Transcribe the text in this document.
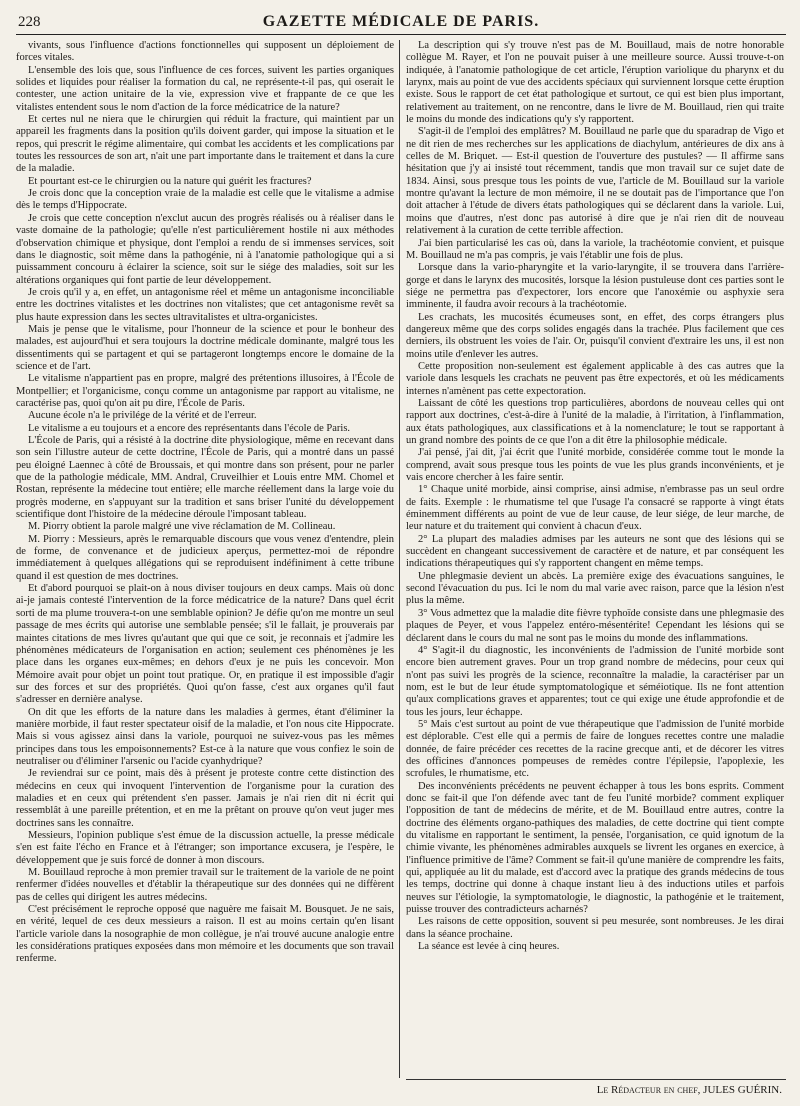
228	GAZETTE MÉDICALE DE PARIS.

vivants, sous l'influence d'actions fonctionnelles qui supposent un déploiement de forces vitales.

L'ensemble des lois que, sous l'influence de ces forces, suivent les parties organiques solides et liquides pour réaliser la formation du cal, ne représente-t-il pas, qui oserait le contester, une action unitaire de la vie, expression vive et frappante de ce que les vitalistes entendent sous le nom d'action de la force médicatrice de la nature?

Et certes nul ne niera que le chirurgien qui réduit la fracture, qui maintient par un appareil les fragments dans la position qu'ils doivent garder, qui impose la situation et le repos, qui prescrit le régime alimentaire, qui combat les accidents et les complications par toutes les ressources de son art, n'ait une part importante dans le traitement et dans la cure de la maladie.

Et pourtant est-ce le chirurgien ou la nature qui guérit les fractures?

Je crois donc que la conception vraie de la maladie est celle que le vitalisme a admise dès le temps d'Hippocrate.

Je crois que cette conception n'exclut aucun des progrès réalisés ou à réaliser dans le vaste domaine de la pathologie; qu'elle n'est particulièrement hostile ni aux méthodes d'observation chimique et physique, dont l'emploi a rendu de si immenses services, soit dans le diagnostic, soit même dans la pathogénie, ni à l'anatomie pathologique qui a si puissamment concouru à éclairer la science, soit sur le siége des maladies, soit sur les altérations organiques qui font partie de leur développement.

Je crois qu'il y a, en effet, un antagonisme réel et même un antagonisme inconciliable entre les doctrines vitalistes et les doctrines non vitalistes; que cet antagonisme revêt sa plus haute expression dans les sectes ultravitalistes et ultra-organicistes.

Mais je pense que le vitalisme, pour l'honneur de la science et pour le bonheur des malades, est aujourd'hui et sera toujours la doctrine médicale dominante, malgré tous les dissentiments qui se partagent et qui se partageront longtemps encore le domaine de la science et de l'art.

Le vitalisme n'appartient pas en propre, malgré des prétentions illusoires, à l'École de Montpellier; et l'organicisme, conçu comme un antagonisme par rapport au vitalisme, ne caractérise pas, quoi qu'on ait pu dire, l'École de Paris.

Aucune école n'a le privilége de la vérité et de l'erreur.

Le vitalisme a eu toujours et a encore des représentants dans l'école de Paris.

L'École de Paris, qui a résisté à la doctrine dite physiologique, même en recevant dans son sein l'illustre auteur de cette doctrine, l'École de Paris, qui a montré dans un passé peu éloigné Laennec à côté de Broussais, et qui montre dans son présent, pour ne parler que de la pathologie médicale, MM. Andral, Cruveilhier et Louis entre MM. Chomel et Rostan, représente la médecine tout entière; elle marche réellement dans la large voie du progrès moderne, en s'appuyant sur la tradition et sans briser l'unité du développement scientifique dont l'histoire de la médecine déroule l'imposant tableau.

M. Piorry obtient la parole malgré une vive réclamation de M. Collineau.

M. Piorry : Messieurs, après le remarquable discours que vous venez d'entendre, plein de forme, de convenance et de judicieux aperçus, permettez-moi de répondre immédiatement à quelques allégations qui se reproduisent indéfiniment à cette tribune quand il est question de mes doctrines.

Et d'abord pourquoi se plait-on à nous diviser toujours en deux camps. Mais où donc ai-je jamais contesté l'intervention de la force médicatrice de la nature? Dans quel écrit sorti de ma plume trouvera-t-on une semblable opinion? Je défie qu'on me montre un seul passage de mes écrits qui autorise une semblable pensée; s'il le fallait, je prouverais par maintes citations de mes livres qu'autant que qui que ce soit, je reconnais et j'admire les phénomènes médicateurs de l'organisation en action; seulement ces phénomènes je les place dans les organes eux-mêmes; en dehors d'eux je ne puis les concevoir. Mon Mémoire avait pour objet un point tout pratique. Or, en pratique il est impossible d'agir sur des forces et sur des propriétés. Quoi qu'on fasse, c'est aux organes qu'il faut s'adresser en dernière analyse.

On dit que les efforts de la nature dans les maladies à germes, étant d'éliminer la manière morbide, il faut rester spectateur oisif de la maladie, et l'on nous cite Hippocrate. Mais si vous agissez ainsi dans la variole, pourquoi ne suivez-vous pas les mêmes principes dans tous les empoisonnements? Est-ce à la nature que vous confiez le soin de neutraliser ou d'éliminer l'arsenic ou l'acide cyanhydrique?

Je reviendrai sur ce point, mais dès à présent je proteste contre cette distinction des médecins en ceux qui invoquent l'intervention de l'organisme pour la curation des maladies et en ceux qui prétendent s'en passer. Jamais je n'ai rien dit ni écrit qui ressemblât à une pareille prétention, et en me la prêtant on prouve qu'on veut juger mes doctrines sans les connaître.

Messieurs, l'opinion publique s'est émue de la discussion actuelle, la presse médicale s'en est faite l'écho en France et à l'étranger; son importance excusera, je l'espère, le développement que je suis forcé de donner à mon discours.

M. Bouillaud reproche à mon premier travail sur le traitement de la variole de ne point renfermer d'idées nouvelles et d'établir la thérapeutique sur des données qui ne diffèrent pas de celles qui dirigent les autres médecins.

C'est précisément le reproche opposé que naguère me faisait M. Bousquet. Je ne sais, en vérité, lequel de ces deux messieurs a raison. Il est au moins certain qu'en lisant l'article variole dans la nosographie de mon collègue, je n'ai trouvé aucune analogie entre les considérations pratiques exposées dans mon mémoire et les documents que son travail renferme.

La description qui s'y trouve n'est pas de M. Bouillaud, mais de notre honorable collègue M. Rayer, et l'on ne pouvait puiser à une meilleure source. Aussi trouve-t-on indiquée, à l'anatomie pathologique de cet article, l'éruption variolique du pharynx et du larynx, mais au point de vue des accidents spéciaux qui surviennent lorsque cette éruption existe. Sous le rapport de cet état pathologique et surtout, ce qui est bien plus important, relativement au traitement, on ne rencontre, dans le livre de M. Bouillaud, rien qui traite le moins du monde des indications qu'y s'y rapportent.

S'agit-il de l'emploi des emplâtres? M. Bouillaud ne parle que du sparadrap de Vigo et ne dit rien de mes recherches sur les applications de diachylum, antérieures de dix ans à celles de M. Briquet. — Est-il question de l'ouverture des pustules? — Il affirme sans hésitation que j'y ai insisté tout récemment, tandis que mon travail sur ce sujet date de 1834. Ainsi, sous presque tous les points de vue, l'article de M. Bouillaud sur la variole montre qu'avant la lecture de mon mémoire, il ne se doutait pas de l'importance que l'on doit attacher à l'étude de divers états pathologiques qui se déclarent dans la variole. Lui, moins que d'autres, n'est donc pas autorisé à dire que je n'ai rien dit de nouveau relativement à la curation de cette terrible affection.

J'ai bien particularisé les cas où, dans la variole, la trachéotomie convient, et puisque M. Bouillaud ne m'a pas compris, je vais l'établir une fois de plus.

Lorsque dans la vario-pharyngite et la vario-laryngite, il se trouvera dans l'arrière-gorge et dans le larynx des mucosités, lorsque la lésion pustuleuse dont ces parties sont le siége ne permettra pas d'expectorer, lors encore que l'anoxémie ou asphyxie sera imminente, il faudra avoir recours à la trachéotomie.

Les crachats, les mucosités écumeuses sont, en effet, des corps étrangers plus dangereux même que des corps solides engagés dans la trachée. Plus facilement que ces derniers, ils obstruent les voies de l'air. Or, puisqu'il convient d'extraire les uns, il est non moins utile d'enlever les autres.

Cette proposition non-seulement est également applicable à des cas autres que la variole dans lesquels les crachats ne peuvent pas être expectorés, et où les médicaments internes n'amènent pas cette expectoration.

Laissant de côté les questions trop particulières, abordons de nouveau celles qui ont rapport aux doctrines, c'est-à-dire à l'unité de la maladie, à l'irritation, à l'inflammation, aux états pathologiques, aux classifications et à la nomenclature; le tout se rapportant à un grand nombre des points de ce que l'on a dit être la philosophie médicale.

J'ai pensé, j'ai dit, j'ai écrit que l'unité morbide, considérée comme tout le monde la comprend, avait sous presque tous les points de vue les plus grands inconvénients, et je vais encore chercher à les faire sentir.

1° Chaque unité morbide, ainsi comprise, ainsi admise, n'embrasse pas un seul ordre de faits. Exemple : le rhumatisme tel que l'usage l'a consacré se rapporte à vingt états éminemment différents au point de vue de leur cause, de leur siége, de leur marche, de leur nature et du traitement qui convient à chacun d'eux.

2° La plupart des maladies admises par les auteurs ne sont que des lésions qui se succèdent en changeant successivement de caractère et de nature, et par conséquent les indications thérapeutiques qui s'y rapportent changent en même temps.

Une phlegmasie devient un abcès. La première exige des évacuations sanguines, le second l'évacuation du pus. Ici le nom du mal varie avec raison, parce que la lésion n'est plus la même.

3° Vous admettez que la maladie dite fièvre typhoïde consiste dans une phlegmasie des plaques de Peyer, et vous l'appelez entéro-mésentérite! Cependant les lésions qui se déclarent dans le cours du mal ne sont pas le moins du monde des inflammations.

4° S'agit-il du diagnostic, les inconvénients de l'admission de l'unité morbide sont encore bien autrement graves. Pour un trop grand nombre de médecins, pour ceux qui n'ont pas suivi les progrès de la science, reconnaître la maladie, la caractériser par un nom, est le but de leur étude symptomatologique et séméiotique. Ils ne font attention qu'aux complications graves et apparentes; tout ce qui exige une étude approfondie et de tous les jours, leur échappe.

5° Mais c'est surtout au point de vue thérapeutique que l'admission de l'unité morbide est déplorable. C'est elle qui a permis de faire de longues recettes contre une maladie donnée, de faire précéder ces recettes de la racine grecque anti, et de décorer les vitres des officines d'annonces pompeuses de remèdes contre l'épilepsie, l'apoplexie, les scrofules, le rhumatisme, etc.

Des inconvénients précédents ne peuvent échapper à tous les bons esprits. Comment donc se fait-il que l'on défende avec tant de feu l'unité morbide? comment expliquer l'opposition de tant de médecins de mérite, et de M. Bouillaud entre autres, contre la doctrine des éléments organo-pathiques des maladies, de cette doctrine qui tient compte du vitalisme en rapportant le sentiment, la pensée, l'organisation, ce quid ignotum de la chimie vivante, les phénomènes admirables auxquels se livrent les organes en exercice, à l'influence primitive de l'âme? Comment se fait-il qu'une manière de comprendre les faits, qui, appliquée au lit du malade, est d'accord avec la pratique des grands médecins de tous les temps, doctrine qui donne à chaque instant lieu à des inductions utiles et parfois neuves sur l'étiologie, la symptomatologie, le diagnostic, la pathogénie et le traitement, puisse trouver des contradicteurs acharnés?

Les raisons de cette opposition, souvent si peu mesurée, sont nombreuses. Je les dirai dans la séance prochaine.

La séance est levée à cinq heures.

Le Rédacteur en chef, JULES GUÉRIN.
